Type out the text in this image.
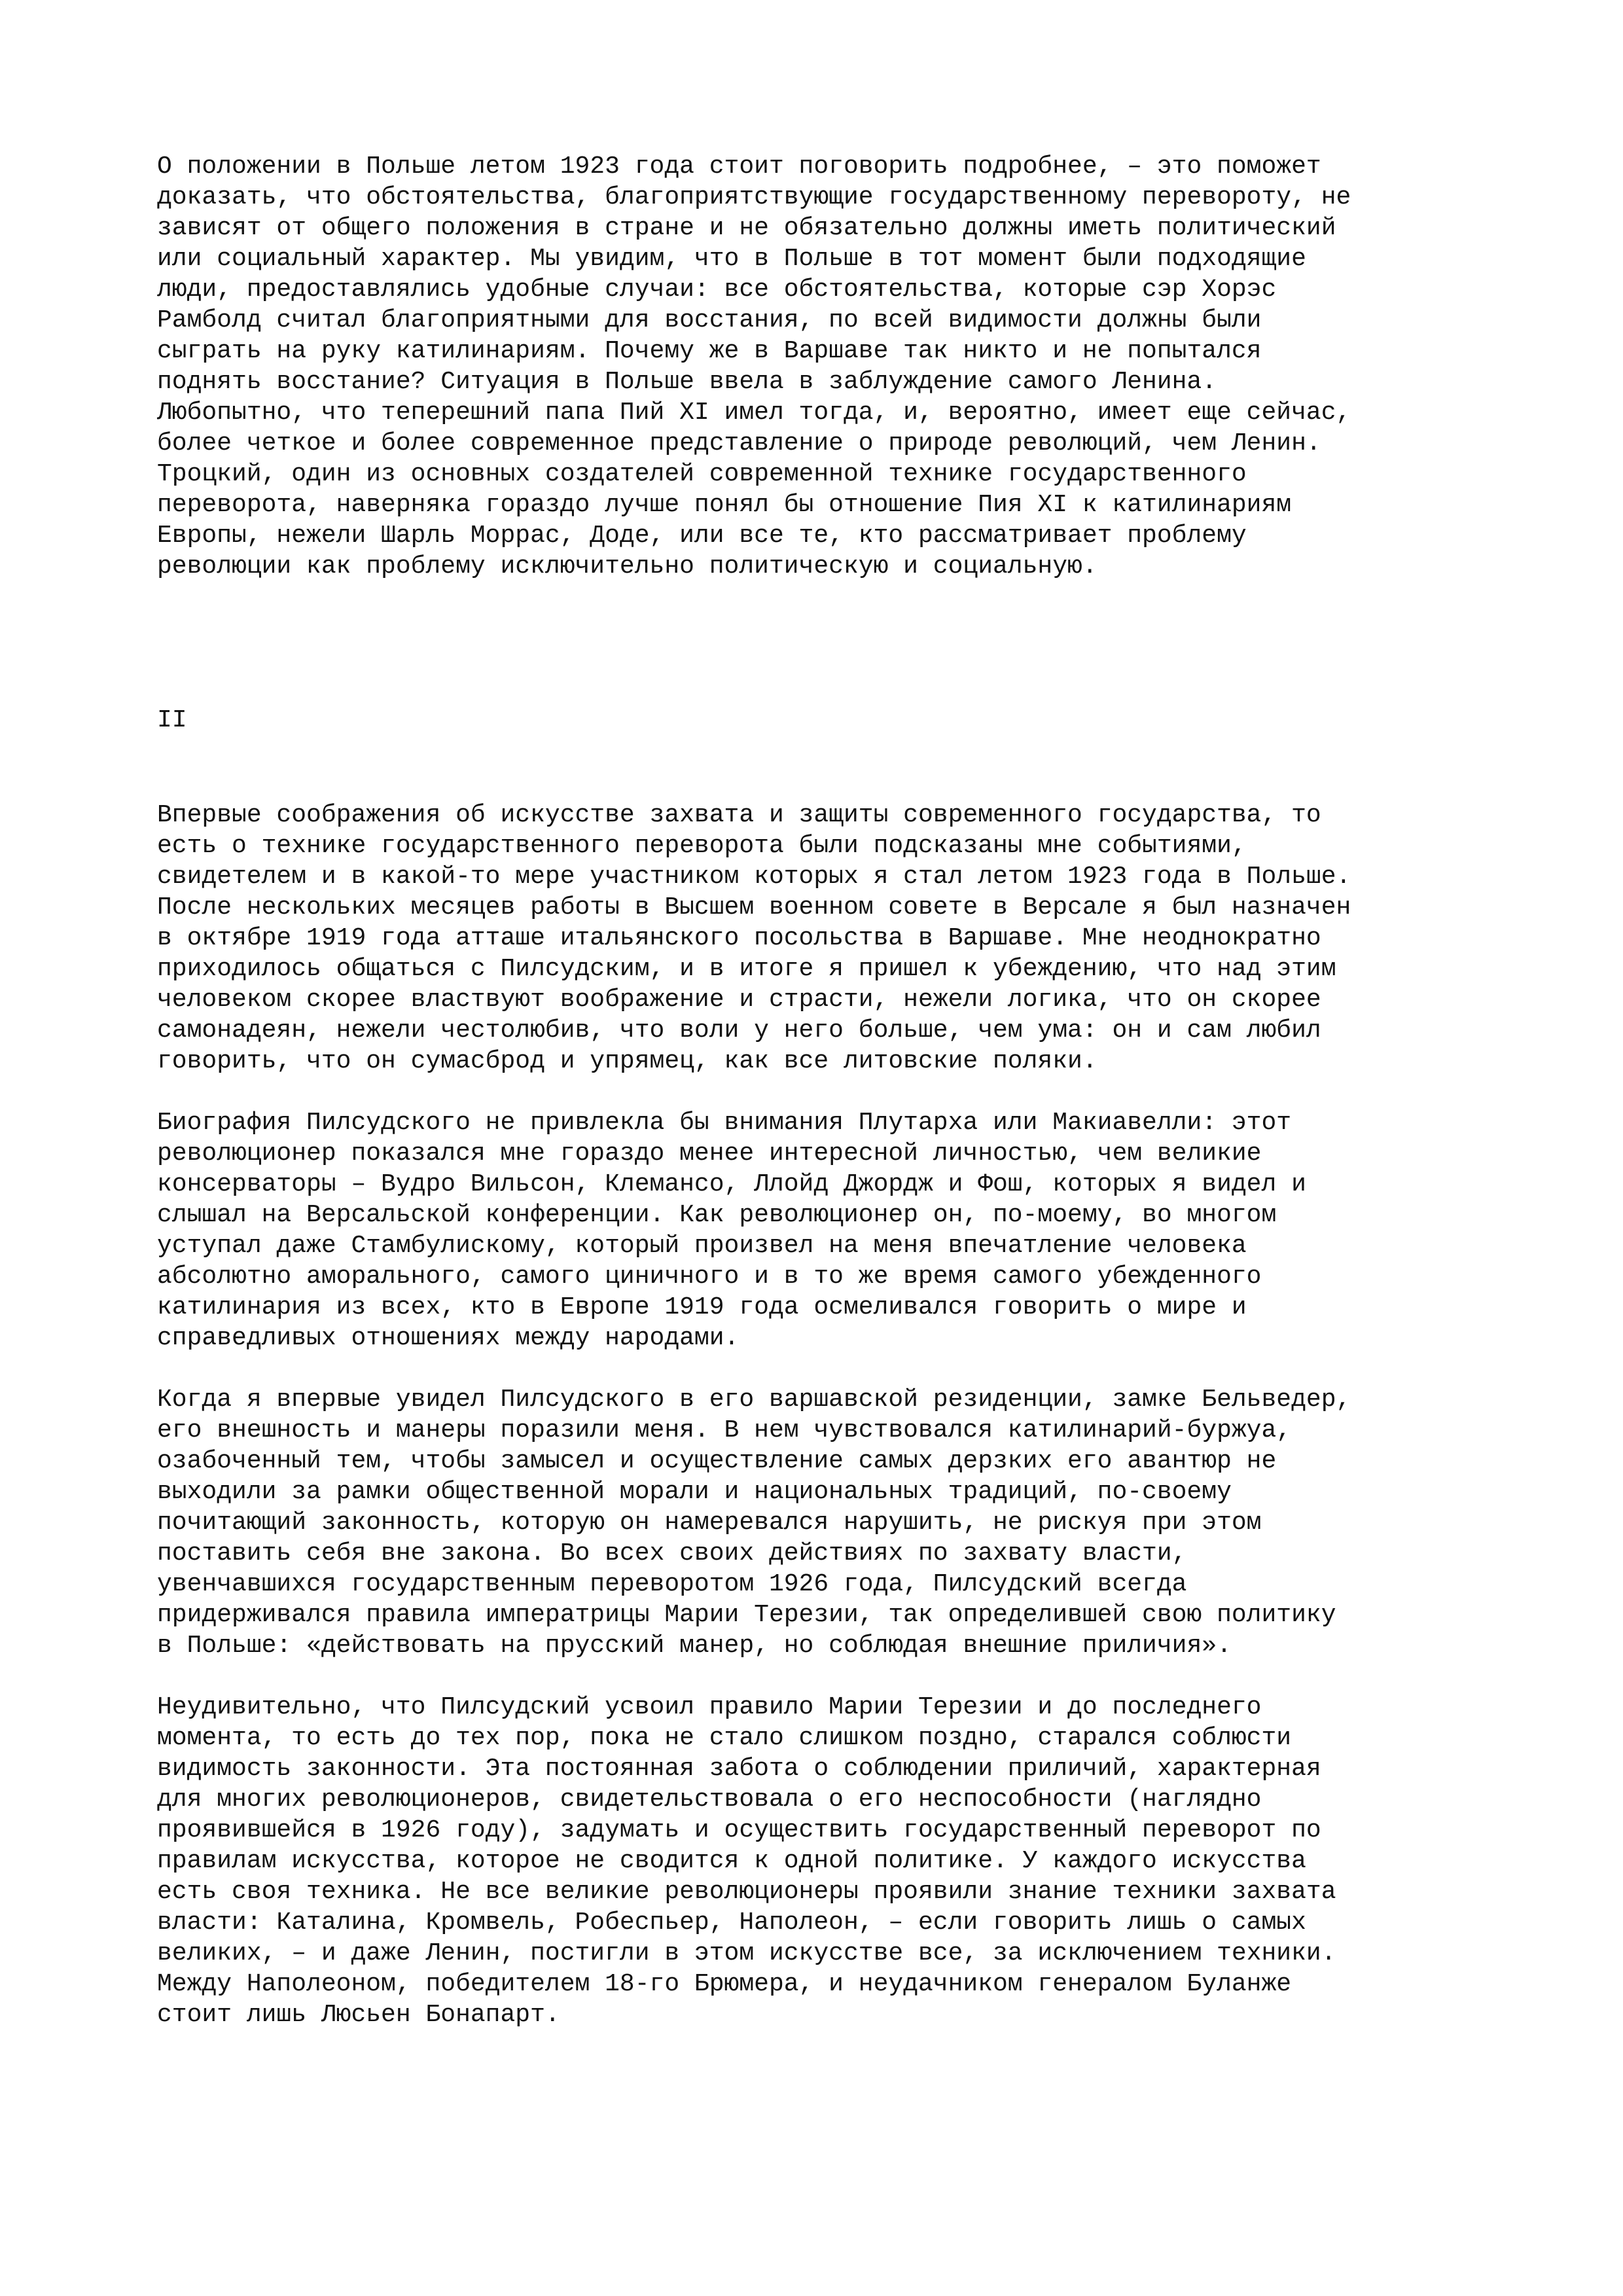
О положении в Польше летом 1923 года стоит поговорить подробнее, – это поможет
доказать, что обстоятельства, благоприятствующие государственному перевороту, не
зависят от общего положения в стране и не обязательно должны иметь политический
или социальный характер. Мы увидим, что в Польше в тот момент были подходящие
люди, предоставлялись удобные случаи: все обстоятельства, которые сэр Хорэс
Рамболд считал благоприятными для восстания, по всей видимости должны были
сыграть на руку катилинариям. Почему же в Варшаве так никто и не попытался
поднять восстание? Ситуация в Польше ввела в заблуждение самого Ленина.
Любопытно, что теперешний папа Пий XI имел тогда, и, вероятно, имеет еще сейчас,
более четкое и более современное представление о природе революций, чем Ленин.
Троцкий, один из основных создателей современной технике государственного
переворота, наверняка гораздо лучше понял бы отношение Пия XI к катилинариям
Европы, нежели Шарль Моррас, Доде, или все те, кто рассматривает проблему
революции как проблему исключительно политическую и социальную.
II
Впервые соображения об искусстве захвата и защиты современного государства, то
есть о технике государственного переворота были подсказаны мне событиями,
свидетелем и в какой-то мере участником которых я стал летом 1923 года в Польше.
После нескольких месяцев работы в Высшем военном совете в Версале я был назначен
в октябре 1919 года атташе итальянского посольства в Варшаве. Мне неоднократно
приходилось общаться с Пилсудским, и в итоге я пришел к убеждению, что над этим
человеком скорее властвуют воображение и страсти, нежели логика, что он скорее
самонадеян, нежели честолюбив, что воли у него больше, чем ума: он и сам любил
говорить, что он сумасброд и упрямец, как все литовские поляки.
Биография Пилсудского не привлекла бы внимания Плутарха или Макиавелли: этот
революционер показался мне гораздо менее интересной личностью, чем великие
консерваторы – Вудро Вильсон, Клемансо, Ллойд Джордж и Фош, которых я видел и
слышал на Версальской конференции. Как революционер он, по-моему, во многом
уступал даже Стамбулискому, который произвел на меня впечатление человека
абсолютно аморального, самого циничного и в то же время самого убежденного
катилинария из всех, кто в Европе 1919 года осмеливался говорить о мире и
справедливых отношениях между народами.
Когда я впервые увидел Пилсудского в его варшавской резиденции, замке Бельведер,
его внешность и манеры поразили меня. В нем чувствовался катилинарий-буржуа,
озабоченный тем, чтобы замысел и осуществление самых дерзких его авантюр не
выходили за рамки общественной морали и национальных традиций, по-своему
почитающий законность, которую он намеревался нарушить, не рискуя при этом
поставить себя вне закона. Во всех своих действиях по захвату власти,
увенчавшихся государственным переворотом 1926 года, Пилсудский всегда
придерживался правила императрицы Марии Терезии, так определившей свою политику
в Польше: «действовать на прусский манер, но соблюдая внешние приличия».
Неудивительно, что Пилсудский усвоил правило Марии Терезии и до последнего
момента, то есть до тех пор, пока не стало слишком поздно, старался соблюсти
видимость законности. Эта постоянная забота о соблюдении приличий, характерная
для многих революционеров, свидетельствовала о его неспособности (наглядно
проявившейся в 1926 году), задумать и осуществить государственный переворот по
правилам искусства, которое не сводится к одной политике. У каждого искусства
есть своя техника. Не все великие революционеры проявили знание техники захвата
власти: Каталина, Кромвель, Робеспьер, Наполеон, – если говорить лишь о самых
великих, – и даже Ленин, постигли в этом искусстве все, за исключением техники.
Между Наполеоном, победителем 18-го Брюмера, и неудачником генералом Буланже
стоит лишь Люсьен Бонапарт.
